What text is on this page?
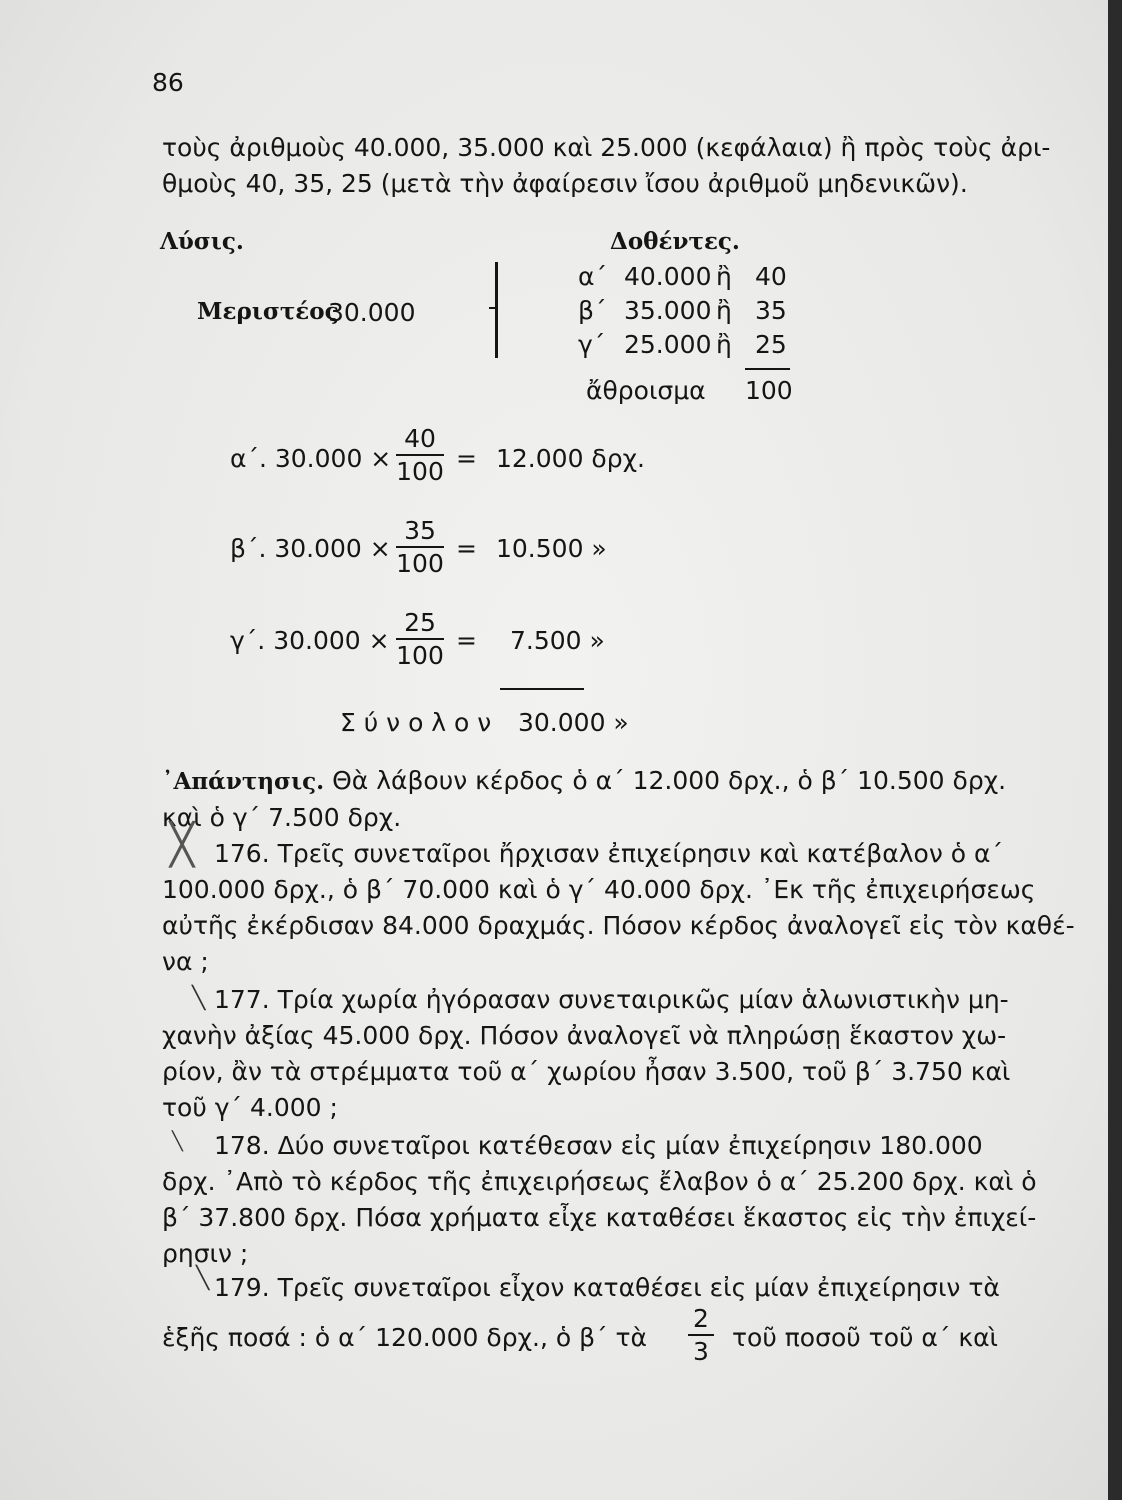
86
τοὺς ἀριθμοὺς 40.000, 35.000 καὶ 25.000 (κεφάλαια) ἢ πρὸς τοὺς ἀρι-
θμοὺς 40, 35, 25 (μετὰ τὴν ἀφαίρεσιν ἴσου ἀριθμοῦ μηδενικῶν).
Λύσις.	Δοθέντες.
Μεριστέος
30.000
α΄ 40.000 ἢ 40
β΄ 35.000 ἢ 35
γ΄ 25.000 ἢ 25
ἄθροισμα 100
α΄. $30.000 \times \frac{40}{100} = 12.000$ δρχ.
β΄. $30.000 \times \frac{35}{100} = 10.500$ »
γ΄. $30.000 \times \frac{25}{100} = 7.500$ »
Σ ύ ν ο λ ο ν 30.000 »
᾿Απάντησις. Θὰ λάβουν κέρδος ὁ α΄ 12.000 δρχ., ὁ β΄ 10.500 δρχ.
καὶ ὁ γ΄ 7.500 δρχ.
╳ 176. Τρεῖς συνεταῖροι ἤρχισαν ἐπιχείρησιν καὶ κατέβαλον ὁ α΄
100.000 δρχ., ὁ β΄ 70.000 καὶ ὁ γ΄ 40.000 δρχ. ᾿Εκ τῆς ἐπιχειρήσεως
αὐτῆς ἐκέρδισαν 84.000 δραχμάς. Πόσον κέρδος ἀναλογεῖ εἰς τὸν καθέ-
να ;
╲ 177. Τρία χωρία ἠγόρασαν συνεταιρικῶς μίαν ἁλωνιστικὴν μη-
χανὴν ἀξίας 45.000 δρχ. Πόσον ἀναλογεῖ νὰ πληρώσῃ ἕκαστον χω-
ρίον, ἂν τὰ στρέμματα τοῦ α΄ χωρίου ἦσαν 3.500, τοῦ β΄ 3.750 καὶ
τοῦ γ΄ 4.000 ;
╲	178. Δύο συνεταῖροι κατέθεσαν εἰς μίαν ἐπιχείρησιν 180.000
δρχ. ᾿Απὸ τὸ κέρδος τῆς ἐπιχειρήσεως ἔλαβον ὁ α΄ 25.200 δρχ. καὶ ὁ
β΄ 37.800 δρχ. Πόσα χρήματα εἶχε καταθέσει ἕκαστος εἰς τὴν ἐπιχεί-
ρησιν ;
╲ 179. Τρεῖς συνεταῖροι εἶχον καταθέσει εἰς μίαν ἐπιχείρησιν τὰ
ἑξῆς ποσά : ὁ α΄ 120.000 δρχ., ὁ β΄ τὰ $\frac{2}{3}$ τοῦ ποσοῦ τοῦ α΄ καὶ
